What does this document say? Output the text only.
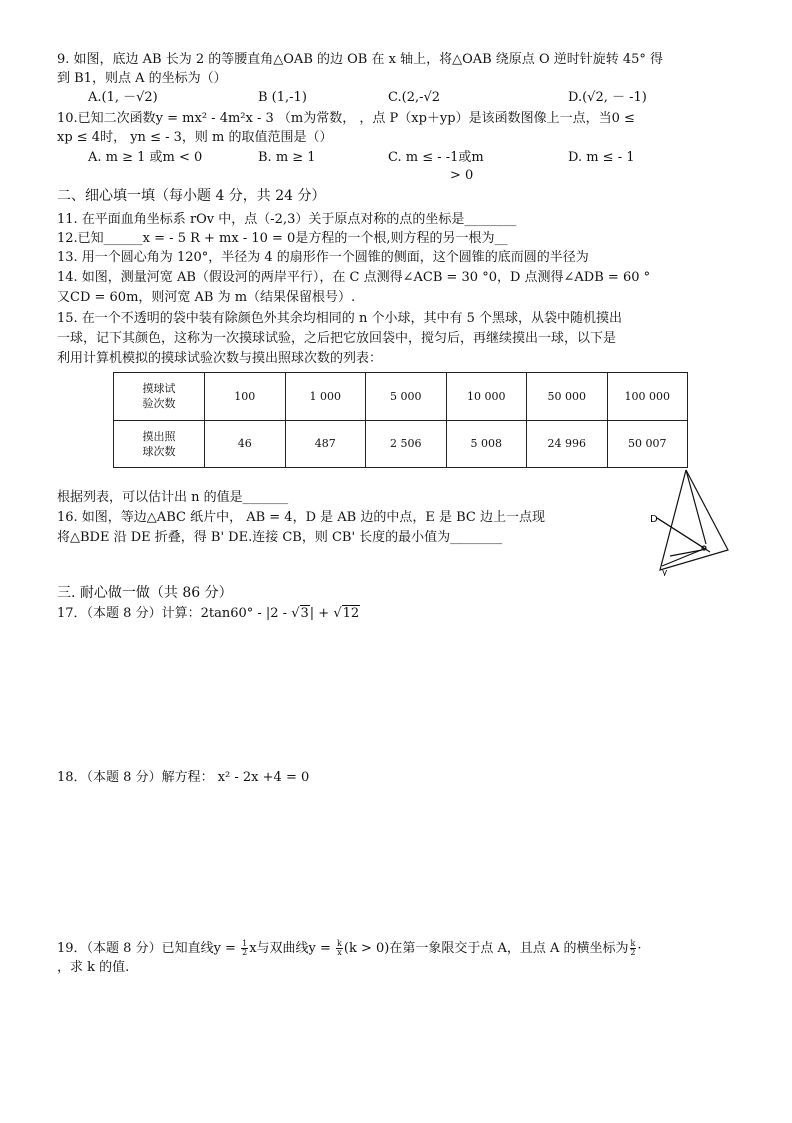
9. 如图，底边 AB 长为 2 的等腰直角△OAB 的边 OB 在 x 轴上，将△OAB 绕原点 O 逆时针旋转 45° 得
到 B1，则点 A 的坐标为（）
A.(1, －√2)	B (1,-1)	C.(2,-√2	D.(√2, － -1)
10.已知二次函数y = mx² - 4m²x - 3 （m为常数， ，点 P（xp＋yp）是该函数图像上一点，当0 ≤
xp ≤ 4时， yn ≤ - 3，则 m 的取值范围是（）
A. m ≥ 1 或m < 0	B. m ≥ 1	C. m ≤ - -1或m	D. m ≤ - 1
> 0
二、细心填一填（每小题 4 分，共 24 分）
11. 在平面血角坐标系 rOv 中，点（-2,3）关于原点对称的点的坐标是________
12.已知______x = - 5 R + mx - 10 = 0是方程的一个根,则方程的另一根为__
13. 用一个圆心角为 120°，半径为 4 的扇形作一个圆锥的侧面，这个圆锥的底而圆的半径为
14. 如图，测量河宽 AB（假设河的两岸平行），在 C 点测得∠ACB = 30 °0，D 点测得∠ADB = 60 °
又CD = 60m，则河宽 AB 为 m（结果保留根号）.
15. 在一个不透明的袋中装有除颜色外其余均相同的 n 个小球，其中有 5 个黑球，从袋中随机摸出
一球，记下其颜色，这称为一次摸球试验，之后把它放回袋中，搅匀后，再继续摸出一球，以下是
利用计算机模拟的摸球试验次数与摸出照球次数的列表：
摸球试
验次数	100	1 000	5 000	10 000	50 000	100 000

摸出照
球次数	46	487	2 506	5 008	24 996	50 007
根据列表，可以估计出 n 的值是_______
16. 如图，等边△ABC 纸片中， AB = 4，D 是 AB 边的中点，E 是 BC 边上一点现
将△BDE 沿 DE 折叠，得 B' DE.连接 CB，则 CB' 长度的最小值为________
D
y
三. 耐心做一做（共 86 分）
17．（本题 8 分）计算：2tan60° - |2 - √3| + √12
18．（本题 8 分）解方程： x² - 2x +4 = 0
19．（本题 8 分）已知直线$y = \frac{1}{2}$ x与双曲线$y = \frac{k}{x} (k > 0)$在第一象限交于点 A，且点 A 的横坐标为 $\frac{k}{2}$ ·
，求 k 的值.
